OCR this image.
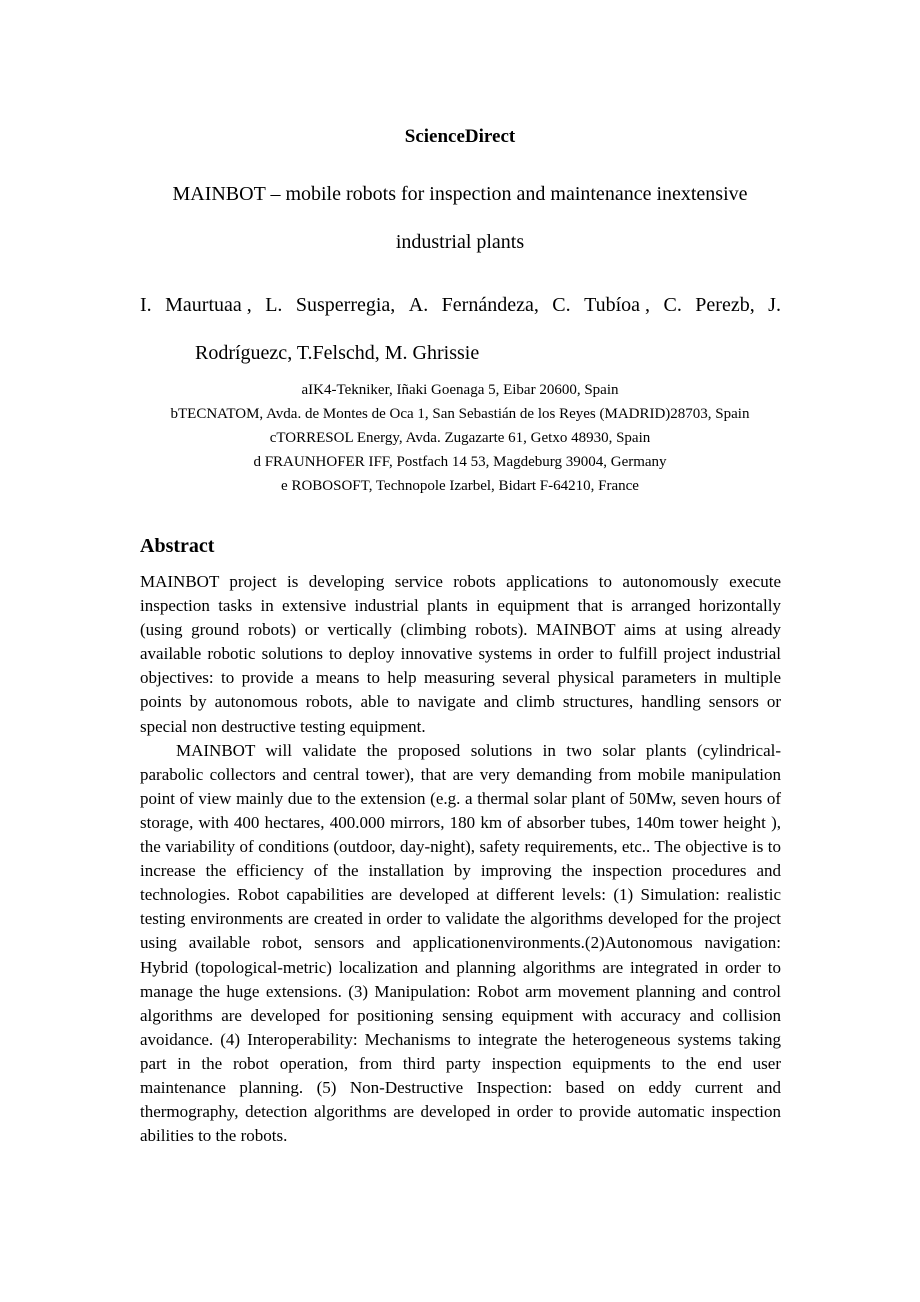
ScienceDirect
MAINBOT – mobile robots for inspection and maintenance inextensive industrial plants
I. Maurtuaa , L. Susperregia, A. Fernándeza, C. Tubíoa , C. Perezb, J.
Rodríguezc, T.Felschd, M. Ghrissie
aIK4-Tekniker, Iñaki Goenaga 5, Eibar 20600, Spain
bTECNATOM, Avda. de Montes de Oca 1, San Sebastián de los Reyes (MADRID)28703, Spain
cTORRESOL Energy, Avda. Zugazarte 61, Getxo 48930, Spain
d FRAUNHOFER IFF, Postfach 14 53, Magdeburg 39004, Germany
e ROBOSOFT, Technopole Izarbel, Bidart F-64210, France
Abstract

MAINBOT project is developing service robots applications to autonomously execute inspection tasks in extensive industrial plants in equipment that is arranged horizontally (using ground robots) or vertically (climbing robots). MAINBOT aims at using already available robotic solutions to deploy innovative systems in order to fulfill project industrial objectives: to provide a means to help measuring several physical parameters in multiple points by autonomous robots, able to navigate and climb structures, handling sensors or special non destructive testing equipment.

MAINBOT will validate the proposed solutions in two solar plants (cylindrical-parabolic collectors and central tower), that are very demanding from mobile manipulation point of view mainly due to the extension (e.g. a thermal solar plant of 50Mw, seven hours of storage, with 400 hectares, 400.000 mirrors, 180 km of absorber tubes, 140m tower height ), the variability of conditions (outdoor, day-night), safety requirements, etc.. The objective is to increase the efficiency of the installation by improving the inspection procedures and technologies. Robot capabilities are developed at different levels: (1) Simulation: realistic testing environments are created in order to validate the algorithms developed for the project using available robot, sensors and applicationenvironments.(2)Autonomous navigation: Hybrid (topological-metric) localization and planning algorithms are integrated in order to manage the huge extensions. (3) Manipulation: Robot arm movement planning and control algorithms are developed for positioning sensing equipment with accuracy and collision avoidance. (4) Interoperability: Mechanisms to integrate the heterogeneous systems taking part in the robot operation, from third party inspection equipments to the end user maintenance planning. (5) Non-Destructive Inspection: based on eddy current and thermography, detection algorithms are developed in order to provide automatic inspection abilities to the robots.
